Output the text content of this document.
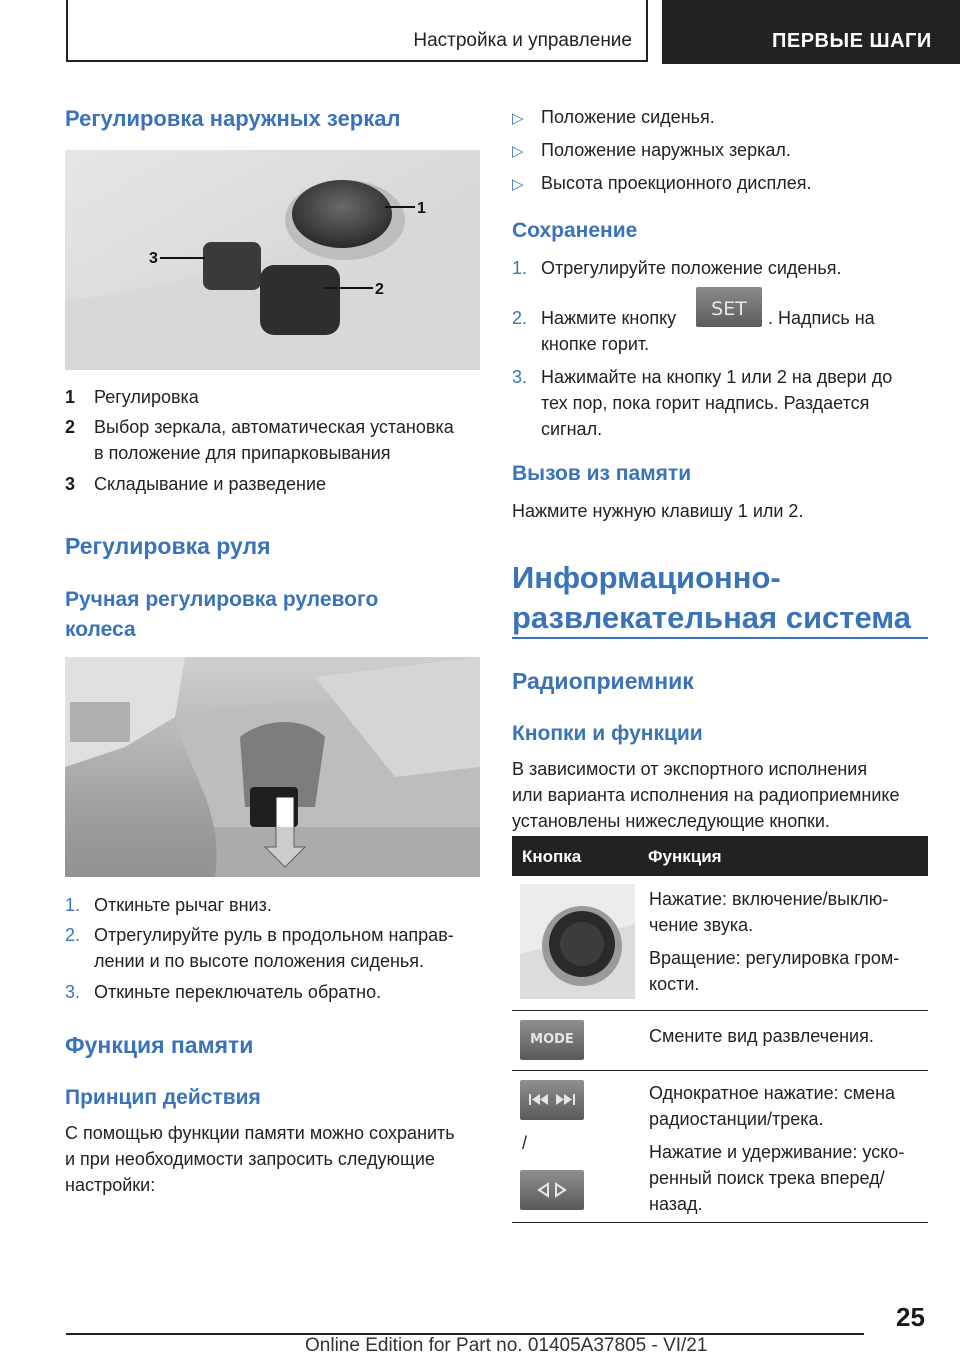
Настройка и управление	ПЕРВЫЕ ШАГИ
Регулировка наружных зеркал
1
2
3
1 Регулировка
2 Выбор зеркала, автоматическая установка
в положение для припарковывания
3 Складывание и разведение
Регулировка руля
Ручная регулировка рулевого
колеса
1. Откиньте рычаг вниз.
2. Отрегулируйте руль в продольном направ-
лении и по высоте положения сиденья.
3. Откиньте переключатель обратно.
Функция памяти
Принцип действия

С помощью функции памяти можно сохранить

и при необходимости запросить следующие

настройки:

▷ Положение сиденья.
▷ Положение наружных зеркал.
▷ Высота проекционного дисплея.
Сохранение
1. Отрегулируйте положение сиденья.
2. Нажмите кнопку	SET	. Надпись на
кнопке горит.
3. Нажимайте на кнопку 1 или 2 на двери до
тех пор, пока горит надпись. Раздается
сигнал.
Вызов из памяти

Нажмите нужную клавишу 1 или 2.

Информационно-
развлекательная система
Радиоприемник
Кнопки и функции

В зависимости от экспортного исполнения

или варианта исполнения на радиоприемнике

установлены нижеследующие кнопки.

Кнопка	Функция

Нажатие: включение/выклю-

чение звука.

Вращение: регулировка гром-

кости.

MODE	Смените вид развлечения.

/

Однократное нажатие: смена

радиостанции/трека.

Нажатие и удерживание: уско-

ренный поиск трека вперед/

назад.

25
Online Edition for Part no. 01405A37805 - VI/21
